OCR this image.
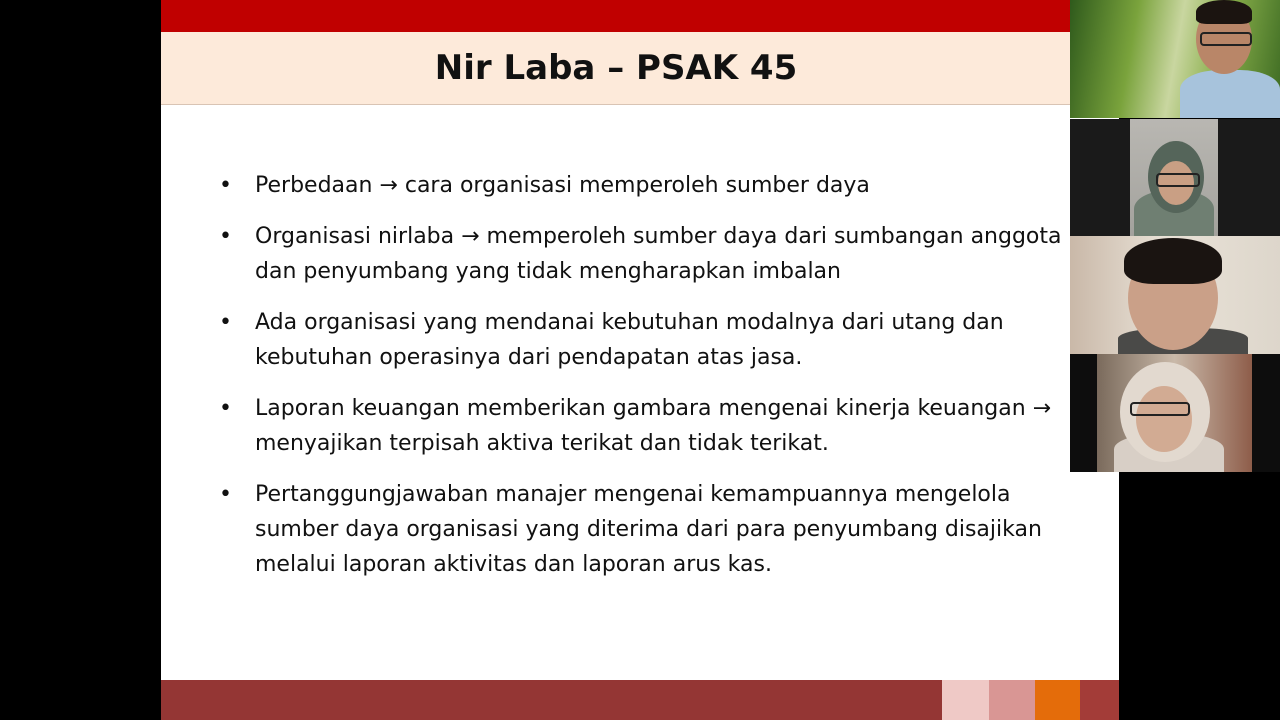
Nir Laba – PSAK 45
• Perbedaan → cara organisasi memperoleh sumber daya
• Organisasi nirlaba → memperoleh sumber daya dari sumbangan anggota dan penyumbang yang tidak mengharapkan imbalan
• Ada organisasi yang mendanai kebutuhan modalnya dari utang dan kebutuhan operasinya dari pendapatan atas jasa.
• Laporan keuangan memberikan gambara mengenai kinerja keuangan → menyajikan terpisah aktiva terikat dan tidak terikat.
• Pertanggungjawaban manajer mengenai kemampuannya mengelola sumber daya organisasi yang diterima dari para penyumbang disajikan melalui laporan aktivitas dan laporan arus kas.
